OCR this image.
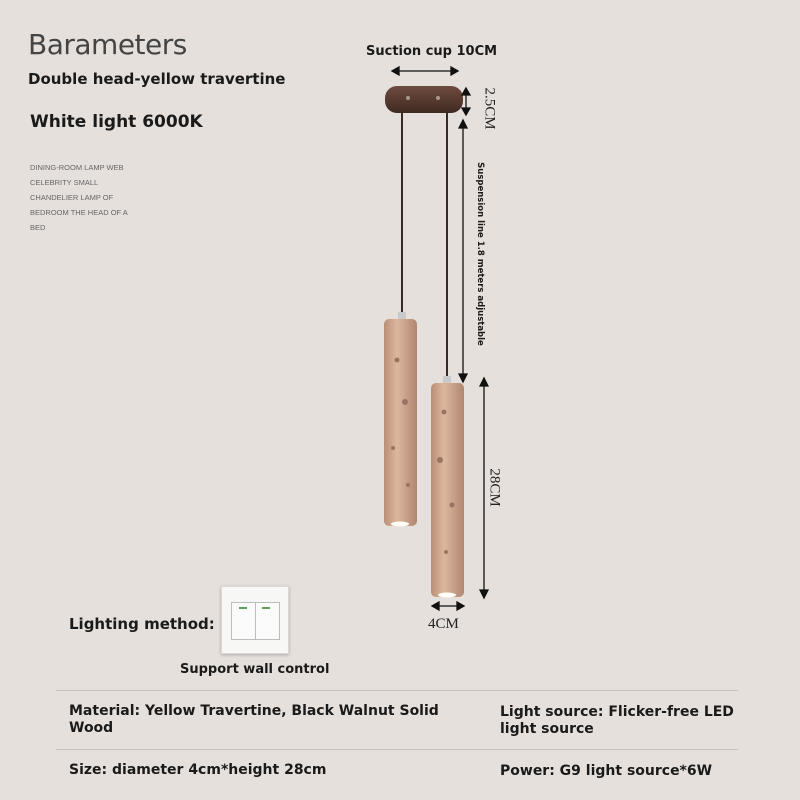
Barameters
Double head-yellow travertine
White light 6000K
DINING-ROOM LAMP WEB CELEBRITY SMALL CHANDELIER LAMP OF BEDROOM THE HEAD OF A BED
Suction cup 10CM
2.5CM
Suspension line 1.8 meters adjustable
28CM
4CM
Lighting method:
Support wall control
Material: Yellow Travertine, Black Walnut Solid Wood
Light source: Flicker-free LED light source
Size: diameter 4cm*height 28cm	Power: G9 light source*6W
